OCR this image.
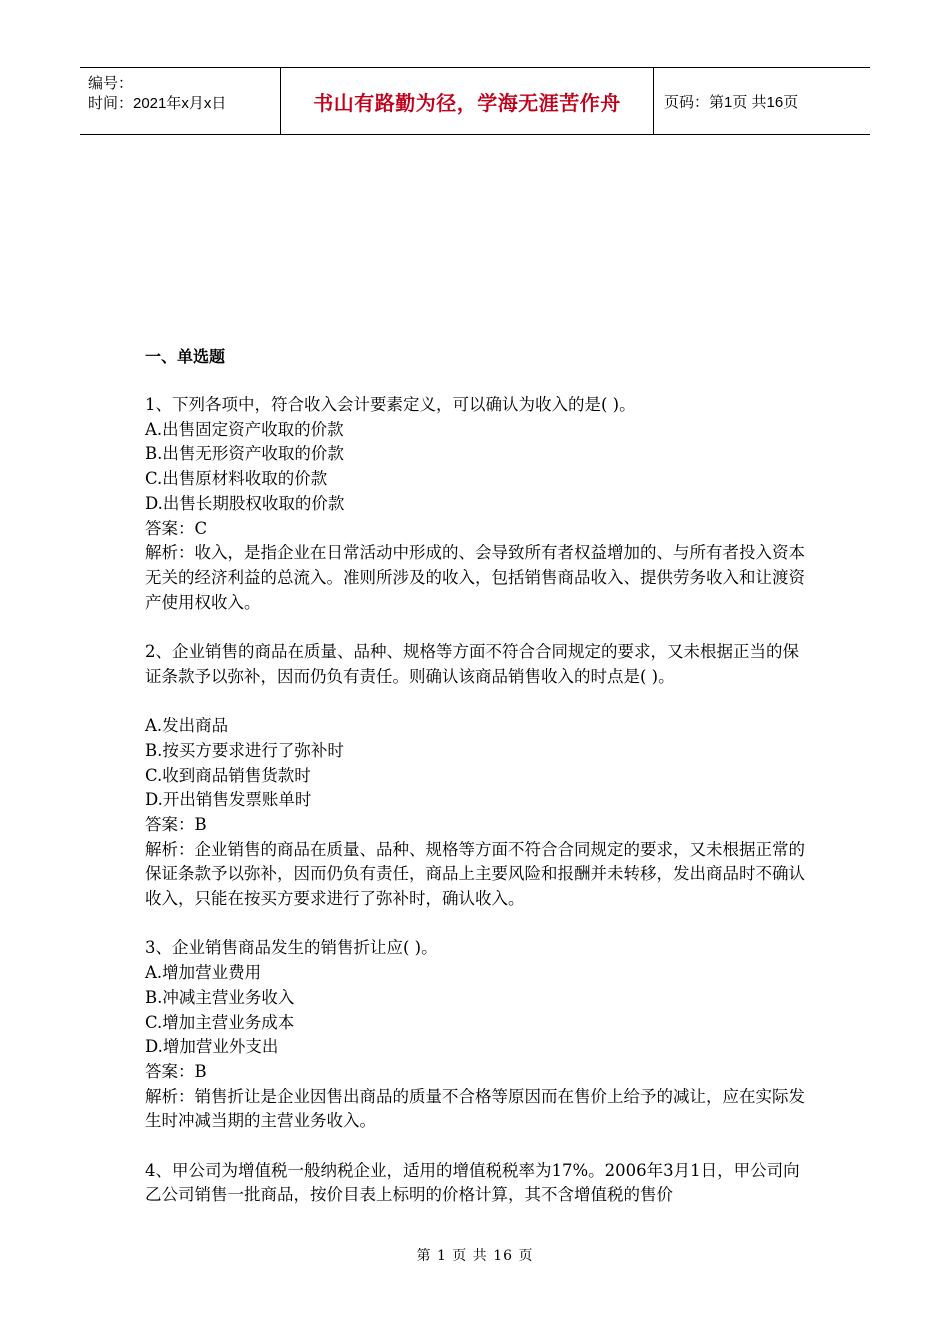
编号：
时间：2021年x月x日	书山有路勤为径，学海无涯苦作舟	页码：第1页 共16页
一、单选题

1、下列各项中，符合收入会计要素定义，可以确认为收入的是( )。

A.出售固定资产收取的价款

B.出售无形资产收取的价款

C.出售原材料收取的价款

D.出售长期股权收取的价款

答案：C

解析：收入，是指企业在日常活动中形成的、会导致所有者权益增加的、与所有者投入资本无关的经济利益的总流入。准则所涉及的收入，包括销售商品收入、提供劳务收入和让渡资产使用权收入。

2、企业销售的商品在质量、品种、规格等方面不符合合同规定的要求，又未根据正当的保证条款予以弥补，因而仍负有责任。则确认该商品销售收入的时点是( )。

A.发出商品

B.按买方要求进行了弥补时

C.收到商品销售货款时

D.开出销售发票账单时

答案：B

解析：企业销售的商品在质量、品种、规格等方面不符合合同规定的要求，又未根据正常的保证条款予以弥补，因而仍负有责任，商品上主要风险和报酬并未转移，发出商品时不确认收入，只能在按买方要求进行了弥补时，确认收入。

3、企业销售商品发生的销售折让应( )。

A.增加营业费用

B.冲减主营业务收入

C.增加主营业务成本

D.增加营业外支出

答案：B

解析：销售折让是企业因售出商品的质量不合格等原因而在售价上给予的减让，应在实际发生时冲减当期的主营业务收入。

4、甲公司为增值税一般纳税企业，适用的增值税税率为17%。2006年3月1日，甲公司向乙公司销售一批商品，按价目表上标明的价格计算，其不含增值税的售价

第 1 页 共 16 页
